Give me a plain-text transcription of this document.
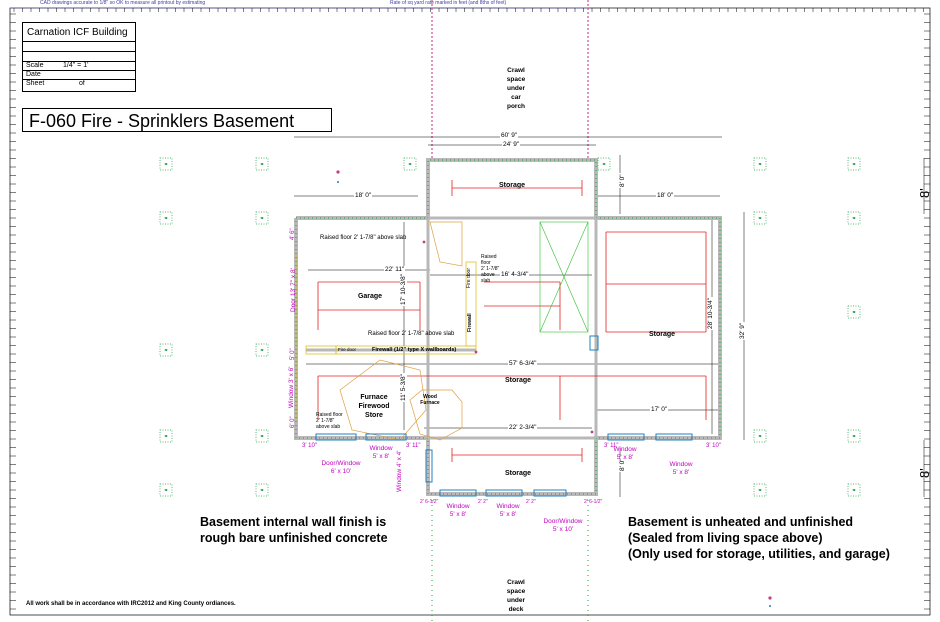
CAD drawings accurate to 1/8" so OK to measure all printout by estimating	Rate of sq yard rate marked in feet (and 8ths of feet)
Carnation ICF Building
Scale	1/4" = 1'
Date
Sheet	of
F-060 Fire - Sprinklers Basement
Crawl
space
under
car
porch
Crawl
space
under
deck
60' 9"
24' 9"
18' 0"	18' 0"
8' 0"
8' 0"
22' 11"
16' 4-3/4"
17' 10-3/8"
28' 10-3/4"
32' 9"
57' 6-3/4"
11' 5-3/8"
17' 0"
22' 2-3/4"
8'
8'
Storage
Garage
Storage
Storage
Storage
Furnace
Firewood
Store
Wood
Furnace
Raised floor 2' 1-7/8" above slab
Raised floor 2' 1-7/8" above slab
Raised
floor
2' 1-7/8"
above
slab
Raised floor
2' 1-7/8"
above slab
Firewall (1/2" type X wallboards)
Firewall
Fire door
Fire door
Door 13' 7" x 8'
Window 3' x 6'
4' 6"
5' 0"
6' 0"
3' 10"
Door/Window
6' x 10'
Window
5' x 8'	Window 4' x 4'
3' 11"
Window
5' x 8'
Window
5' x 8'
Door/Window
5' x 10'
Window
5' x 8'
Window
5' x 8'
3' 11"	3' 10"
2' 6-1/2"	2' 2"	2' 2"	2' 6-1/2"
Basement internal wall finish is
rough bare unfinished concrete
Basement is unheated and unfinished
(Sealed from living space above)
(Only used for storage, utilities, and garage)
All work shall be in accordance with IRC2012 and King County ordiances.
